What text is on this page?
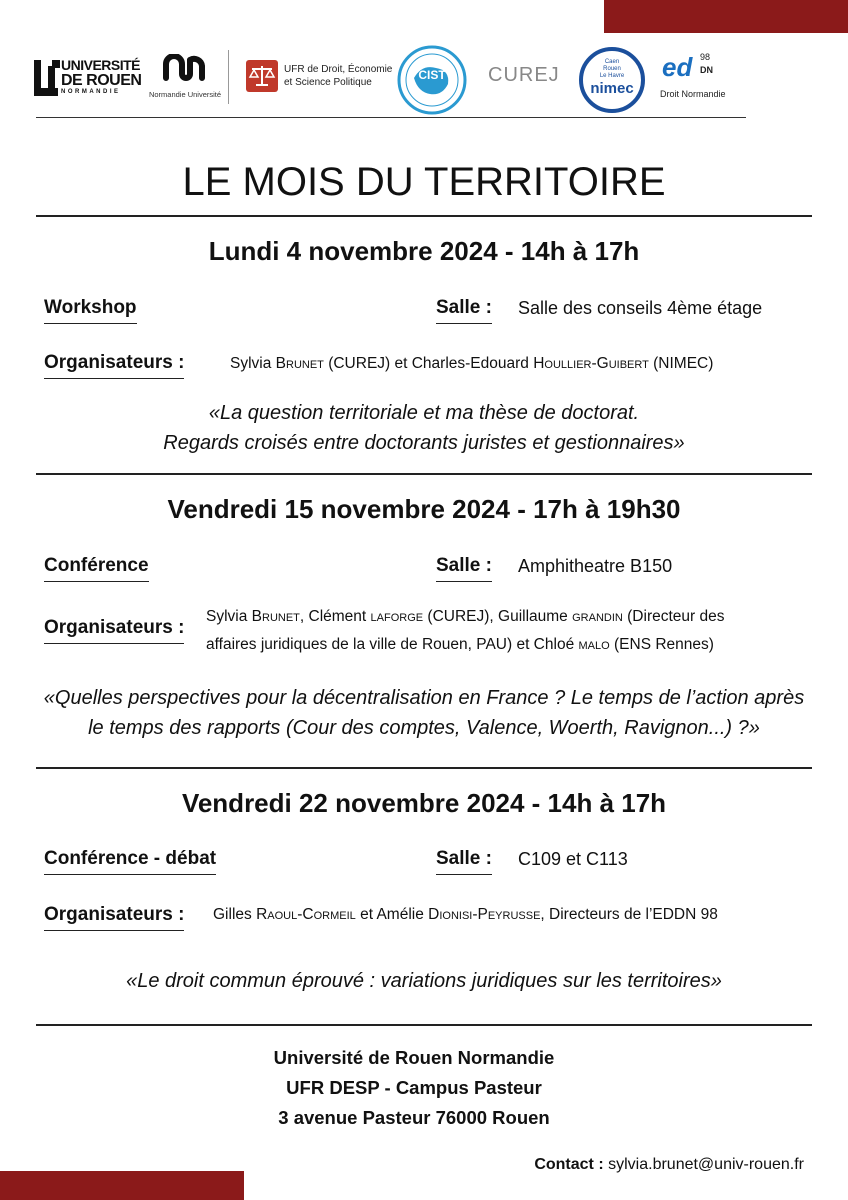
UNIVERSITÉ
DE ROUEN
NORMANDIE	Normandie Université
UFR de Droit, Économie
et Science Politique
CIST	CUREJ
Caen
Rouen
Le Havre
nimec
ed 98
DN
Droit Normandie
LE MOIS DU TERRITOIRE
Lundi 4 novembre 2024 - 14h à 17h
Workshop	Salle : Salle des conseils 4ème étage
Organisateurs :	Sylvia Brunet (CUREJ) et Charles-Edouard Houllier-Guibert (NIMEC)
«La question territoriale et ma thèse de doctorat.
Regards croisés entre doctorants juristes et gestionnaires»
Vendredi 15 novembre 2024 - 17h à 19h30
Conférence	Salle : Amphitheatre B150
Organisateurs :
Sylvia Brunet, Clément laforge (CUREJ), Guillaume grandin (Directeur des
affaires juridiques de la ville de Rouen, PAU) et Chloé malo (ENS Rennes)
«Quelles perspectives pour la décentralisation en France ? Le temps de l’action après
le temps des rapports (Cour des comptes, Valence, Woerth, Ravignon...) ?»
Vendredi 22 novembre 2024 - 14h à 17h
Conférence - débat	Salle : C109 et C113
Organisateurs : Gilles Raoul-Cormeil et Amélie Dionisi-Peyrusse, Directeurs de l’EDDN 98
«Le droit commun éprouvé : variations juridiques sur les territoires»
Université de Rouen Normandie
UFR DESP - Campus Pasteur
3 avenue Pasteur 76000 Rouen
Contact : sylvia.brunet@univ-rouen.fr
